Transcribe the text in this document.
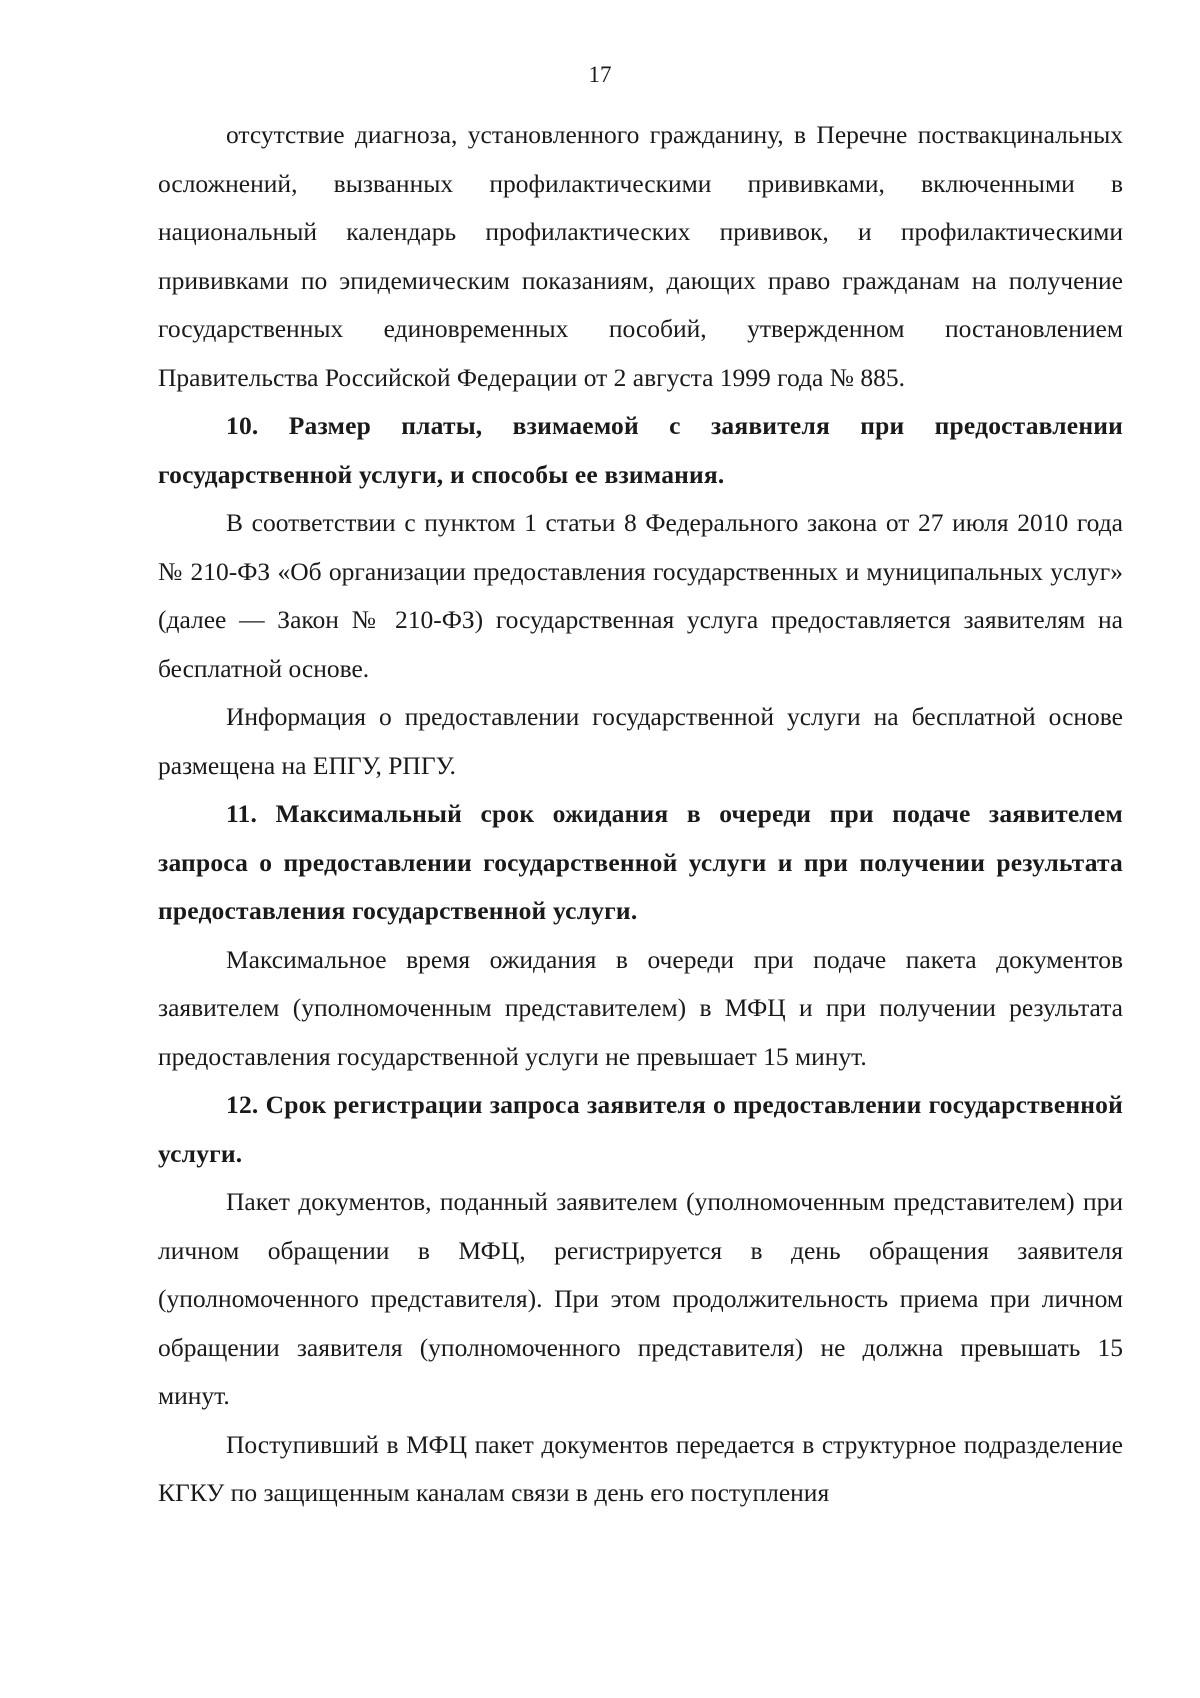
17

отсутствие диагноза, установленного гражданину, в Перечне поствакцинальных осложнений, вызванных профилактическими прививками, включенными в национальный календарь профилактических прививок, и профилактическими прививками по эпидемическим показаниям, дающих право гражданам на получение государственных единовременных пособий, утвержденном постановлением Правительства Российской Федерации от 2 августа 1999 года № 885.

10. Размер платы, взимаемой с заявителя при предоставлении государственной услуги, и способы ее взимания.

В соответствии с пунктом 1 статьи 8 Федерального закона от 27 июля 2010 года № 210-ФЗ «Об организации предоставления государственных и муниципальных услуг» (далее — Закон № 210-ФЗ) государственная услуга предоставляется заявителям на бесплатной основе.

Информация о предоставлении государственной услуги на бесплатной основе размещена на ЕПГУ, РПГУ.

11. Максимальный срок ожидания в очереди при подаче заявителем запроса о предоставлении государственной услуги и при получении результата предоставления государственной услуги.

Максимальное время ожидания в очереди при подаче пакета документов заявителем (уполномоченным представителем) в МФЦ и при получении результата предоставления государственной услуги не превышает 15 минут.

12. Срок регистрации запроса заявителя о предоставлении государственной услуги.

Пакет документов, поданный заявителем (уполномоченным представителем) при личном обращении в МФЦ, регистрируется в день обращения заявителя (уполномоченного представителя). При этом продолжительность приема при личном обращении заявителя (уполномоченного представителя) не должна превышать 15 минут.

Поступивший в МФЦ пакет документов передается в структурное подразделение КГКУ по защищенным каналам связи в день его поступления
